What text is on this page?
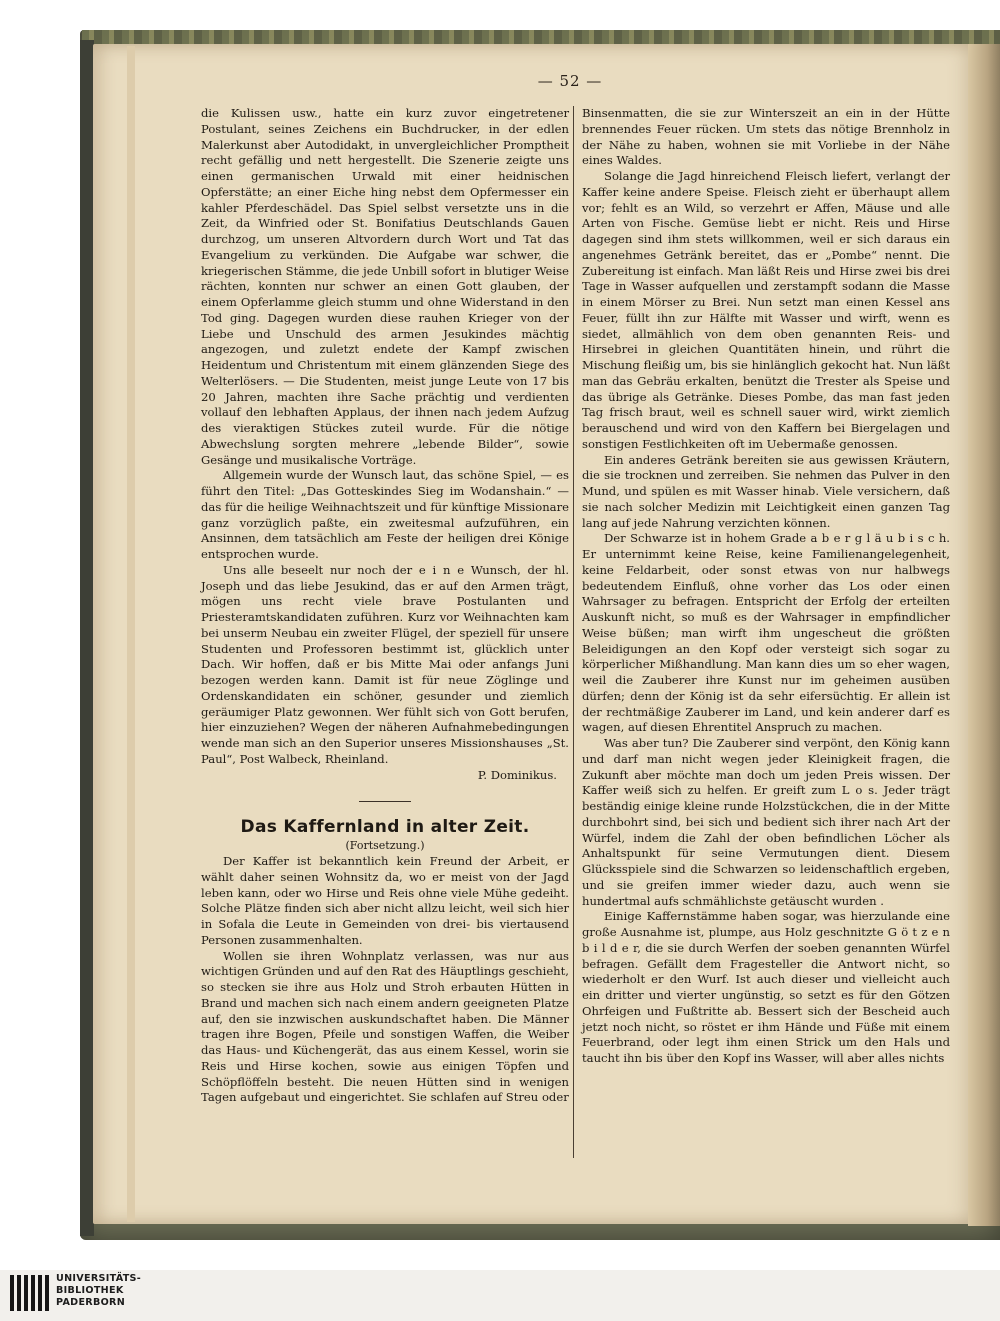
— 52 —

die Kulissen usw., hatte ein kurz zuvor eingetretener Postulant, seines Zeichens ein Buchdrucker, in der edlen Malerkunst aber Autodidakt, in unvergleichlicher Promptheit recht gefällig und nett hergestellt. Die Szenerie zeigte uns einen germanischen Urwald mit einer heidnischen Opferstätte; an einer Eiche hing nebst dem Opfermesser ein kahler Pferdeschädel. Das Spiel selbst versetzte uns in die Zeit, da Winfried oder St. Bonifatius Deutschlands Gauen durchzog, um unseren Altvordern durch Wort und Tat das Evangelium zu verkünden. Die Aufgabe war schwer, die kriegerischen Stämme, die jede Unbill sofort in blutiger Weise rächten, konnten nur schwer an einen Gott glauben, der einem Opferlamme gleich stumm und ohne Widerstand in den Tod ging. Dagegen wurden diese rauhen Krieger von der Liebe und Unschuld des armen Jesukindes mächtig angezogen, und zuletzt endete der Kampf zwischen Heidentum und Christentum mit einem glänzenden Siege des Welterlösers. — Die Studenten, meist junge Leute von 17 bis 20 Jahren, machten ihre Sache prächtig und verdienten vollauf den lebhaften Applaus, der ihnen nach jedem Aufzug des vieraktigen Stückes zuteil wurde. Für die nötige Abwechslung sorgten mehrere „lebende Bilder“, sowie Gesänge und musikalische Vorträge.

Allgemein wurde der Wunsch laut, das schöne Spiel, — es führt den Titel: „Das Gotteskindes Sieg im Wodanshain.“ — das für die heilige Weihnachtszeit und für künftige Missionare ganz vorzüglich paßte, ein zweitesmal aufzuführen, ein Ansinnen, dem tatsächlich am Feste der heiligen drei Könige entsprochen wurde.

Uns alle beseelt nur noch der e i n e Wunsch, der hl. Joseph und das liebe Jesukind, das er auf den Armen trägt, mögen uns recht viele brave Postulanten und Priesteramtskandidaten zuführen. Kurz vor Weihnachten kam bei unserm Neubau ein zweiter Flügel, der speziell für unsere Studenten und Professoren bestimmt ist, glücklich unter Dach. Wir hoffen, daß er bis Mitte Mai oder anfangs Juni bezogen werden kann. Damit ist für neue Zöglinge und Ordenskandidaten ein schöner, gesunder und ziemlich geräumiger Platz gewonnen. Wer fühlt sich von Gott berufen, hier einzuziehen? Wegen der näheren Aufnahmebedingungen wende man sich an den Superior unseres Missionshauses „St. Paul“, Post Walbeck, Rheinland.

P. Dominikus.

Das Kaffernland in alter Zeit.

(Fortsetzung.)

Der Kaffer ist bekanntlich kein Freund der Arbeit, er wählt daher seinen Wohnsitz da, wo er meist von der Jagd leben kann, oder wo Hirse und Reis ohne viele Mühe gedeiht. Solche Plätze finden sich aber nicht allzu leicht, weil sich hier in Sofala die Leute in Gemeinden von drei- bis viertausend Personen zusammenhalten.

Wollen sie ihren Wohnplatz verlassen, was nur aus wichtigen Gründen und auf den Rat des Häuptlings geschieht, so stecken sie ihre aus Holz und Stroh erbauten Hütten in Brand und machen sich nach einem andern geeigneten Platze auf, den sie inzwischen auskundschaftet haben. Die Männer tragen ihre Bogen, Pfeile und sonstigen Waffen, die Weiber das Haus- und Küchengerät, das aus einem Kessel, worin sie Reis und Hirse kochen, sowie aus einigen Töpfen und Schöpflöffeln besteht. Die neuen Hütten sind in wenigen Tagen aufgebaut und eingerichtet. Sie schlafen auf Streu oder

Binsenmatten, die sie zur Winterszeit an ein in der Hütte brennendes Feuer rücken. Um stets das nötige Brennholz in der Nähe zu haben, wohnen sie mit Vorliebe in der Nähe eines Waldes.

Solange die Jagd hinreichend Fleisch liefert, verlangt der Kaffer keine andere Speise. Fleisch zieht er überhaupt allem vor; fehlt es an Wild, so verzehrt er Affen, Mäuse und alle Arten von Fische. Gemüse liebt er nicht. Reis und Hirse dagegen sind ihm stets willkommen, weil er sich daraus ein angenehmes Getränk bereitet, das er „Pombe“ nennt. Die Zubereitung ist einfach. Man läßt Reis und Hirse zwei bis drei Tage in Wasser aufquellen und zerstampft sodann die Masse in einem Mörser zu Brei. Nun setzt man einen Kessel ans Feuer, füllt ihn zur Hälfte mit Wasser und wirft, wenn es siedet, allmählich von dem oben genannten Reis- und Hirsebrei in gleichen Quantitäten hinein, und rührt die Mischung fleißig um, bis sie hinlänglich gekocht hat. Nun läßt man das Gebräu erkalten, benützt die Trester als Speise und das übrige als Getränke. Dieses Pombe, das man fast jeden Tag frisch braut, weil es schnell sauer wird, wirkt ziemlich berauschend und wird von den Kaffern bei Biergelagen und sonstigen Festlichkeiten oft im Uebermaße genossen.

Ein anderes Getränk bereiten sie aus gewissen Kräutern, die sie trocknen und zerreiben. Sie nehmen das Pulver in den Mund, und spülen es mit Wasser hinab. Viele versichern, daß sie nach solcher Medizin mit Leichtigkeit einen ganzen Tag lang auf jede Nahrung verzichten können.

Der Schwarze ist in hohem Grade a b e r g l ä u b i s c h. Er unternimmt keine Reise, keine Familienangelegenheit, keine Feldarbeit, oder sonst etwas von nur halbwegs bedeutendem Einfluß, ohne vorher das Los oder einen Wahrsager zu befragen. Entspricht der Erfolg der erteilten Auskunft nicht, so muß es der Wahrsager in empfindlicher Weise büßen; man wirft ihm ungescheut die größten Beleidigungen an den Kopf oder versteigt sich sogar zu körperlicher Mißhandlung. Man kann dies um so eher wagen, weil die Zauberer ihre Kunst nur im geheimen ausüben dürfen; denn der König ist da sehr eifersüchtig. Er allein ist der rechtmäßige Zauberer im Land, und kein anderer darf es wagen, auf diesen Ehrentitel Anspruch zu machen.

Was aber tun? Die Zauberer sind verpönt, den König kann und darf man nicht wegen jeder Kleinigkeit fragen, die Zukunft aber möchte man doch um jeden Preis wissen. Der Kaffer weiß sich zu helfen. Er greift zum L o s. Jeder trägt beständig einige kleine runde Holzstückchen, die in der Mitte durchbohrt sind, bei sich und bedient sich ihrer nach Art der Würfel, indem die Zahl der oben befindlichen Löcher als Anhaltspunkt für seine Vermutungen dient. Diesem Glücksspiele sind die Schwarzen so leidenschaftlich ergeben, und sie greifen immer wieder dazu, auch wenn sie hundertmal aufs schmählichste getäuscht wurden .

Einige Kaffernstämme haben sogar, was hierzulande eine große Ausnahme ist, plumpe, aus Holz geschnitzte G ö t z e n b i l d e r, die sie durch Werfen der soeben genannten Würfel befragen. Gefällt dem Fragesteller die Antwort nicht, so wiederholt er den Wurf. Ist auch dieser und vielleicht auch ein dritter und vierter ungünstig, so setzt es für den Götzen Ohrfeigen und Fußtritte ab. Bessert sich der Bescheid auch jetzt noch nicht, so röstet er ihm Hände und Füße mit einem Feuerbrand, oder legt ihm einen Strick um den Hals und taucht ihn bis über den Kopf ins Wasser, will aber alles nichts

UNIVERSITÄTS-
BIBLIOTHEK
PADERBORN
